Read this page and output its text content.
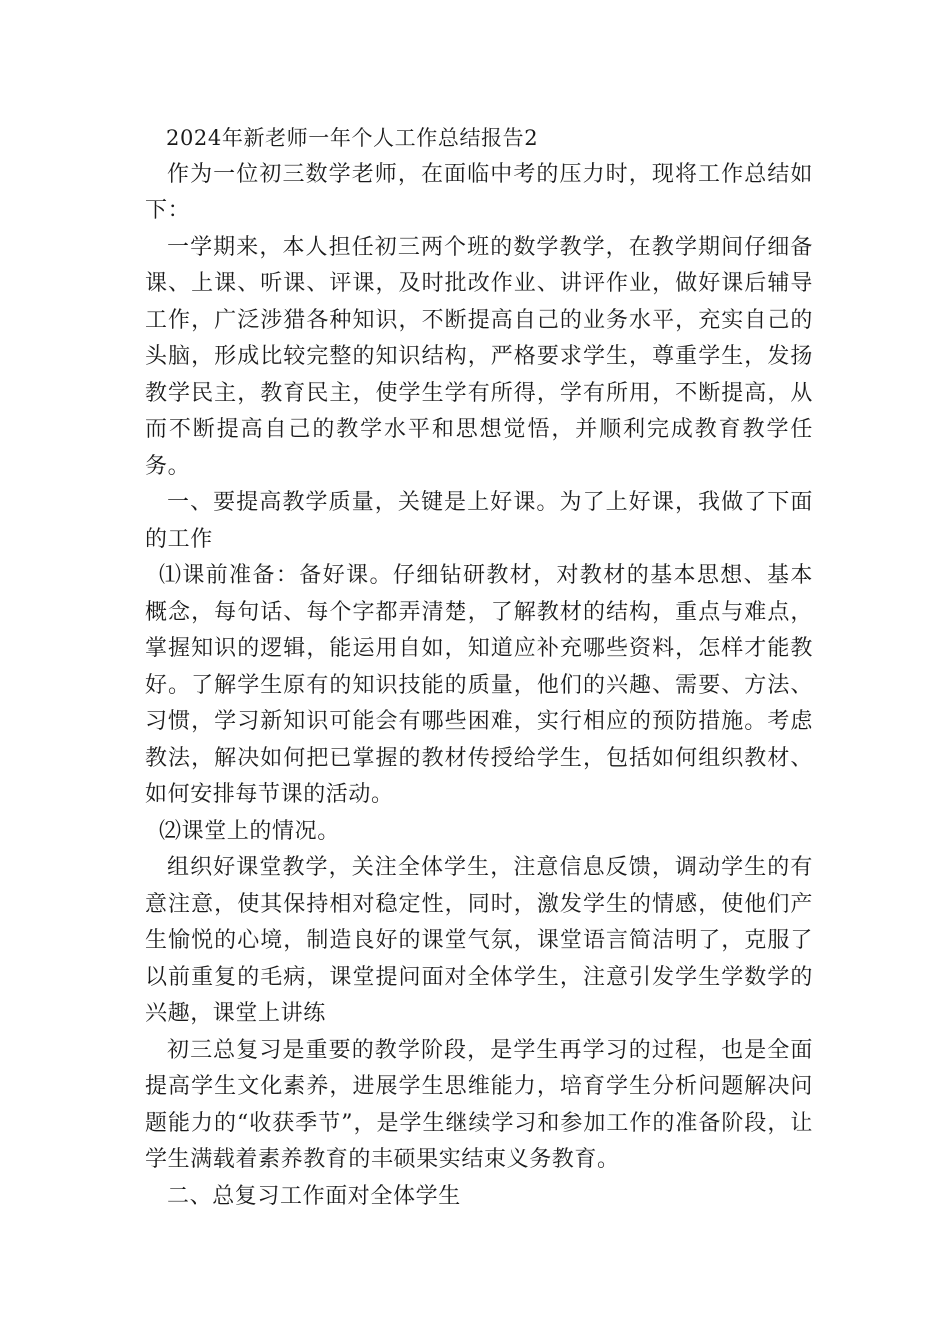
2024年新老师一年个人工作总结报告2

作为一位初三数学老师，在面临中考的压力时，现将工作总结如下：

一学期来，本人担任初三两个班的数学教学，在教学期间仔细备课、上课、听课、评课，及时批改作业、讲评作业，做好课后辅导工作，广泛涉猎各种知识，不断提高自己的业务水平，充实自己的头脑，形成比较完整的知识结构，严格要求学生，尊重学生，发扬教学民主，教育民主，使学生学有所得，学有所用，不断提高，从而不断提高自己的教学水平和思想觉悟，并顺利完成教育教学任务。

一、要提高教学质量，关键是上好课。为了上好课，我做了下面的工作

⑴课前准备：备好课。仔细钻研教材，对教材的基本思想、基本概念，每句话、每个字都弄清楚，了解教材的结构，重点与难点，掌握知识的逻辑，能运用自如，知道应补充哪些资料，怎样才能教好。了解学生原有的知识技能的质量，他们的兴趣、需要、方法、习惯，学习新知识可能会有哪些困难，实行相应的预防措施。考虑教法，解决如何把已掌握的教材传授给学生，包括如何组织教材、如何安排每节课的活动。

⑵课堂上的情况。

组织好课堂教学，关注全体学生，注意信息反馈，调动学生的有意注意，使其保持相对稳定性，同时，激发学生的情感，使他们产生愉悦的心境，制造良好的课堂气氛，课堂语言简洁明了，克服了以前重复的毛病，课堂提问面对全体学生，注意引发学生学数学的兴趣，课堂上讲练

初三总复习是重要的教学阶段，是学生再学习的过程，也是全面提高学生文化素养，进展学生思维能力，培育学生分析问题解决问题能力的“收获季节”，是学生继续学习和参加工作的准备阶段，让学生满载着素养教育的丰硕果实结束义务教育。

二、总复习工作面对全体学生
